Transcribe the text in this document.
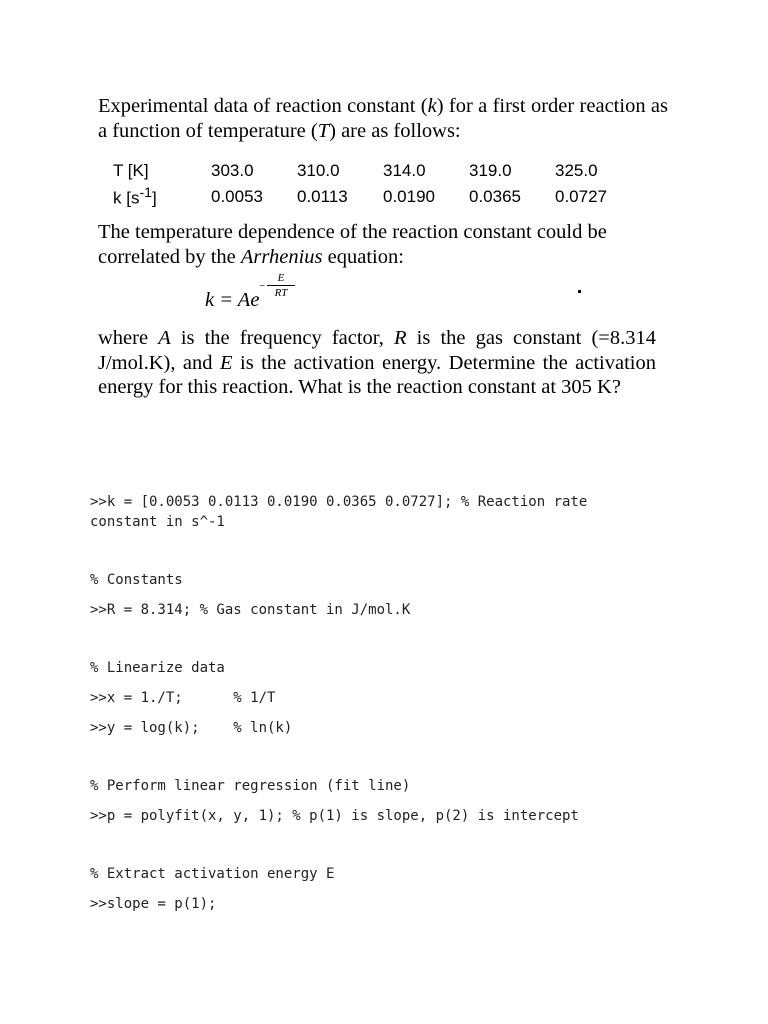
Experimental data of reaction constant (k) for a first order reaction as a function of temperature (T) are as follows:

T [K]	303.0	310.0	314.0	319.0	325.0
k $[s^{-1}]$	0.0053	0.0113	0.0190	0.0365	0.0727

The temperature dependence of the reaction constant could be correlated by the Arrhenius equation:

k = Ae
−
E
RT

where A is the frequency factor, R is the gas constant (=8.314 J/mol.K), and E is the activation energy. Determine the activation energy for this reaction. What is the reaction constant at 305 K?

>>k = [0.0053 0.0113 0.0190 0.0365 0.0727]; % Reaction rate constant in s^-1

% Constants

>>R = 8.314; % Gas constant in J/mol.K

% Linearize data

>>x = 1./T;      % 1/T

>>y = log(k);    % ln(k)

% Perform linear regression (fit line)

>>p = polyfit(x, y, 1); % p(1) is slope, p(2) is intercept

% Extract activation energy E

>>slope = p(1);
